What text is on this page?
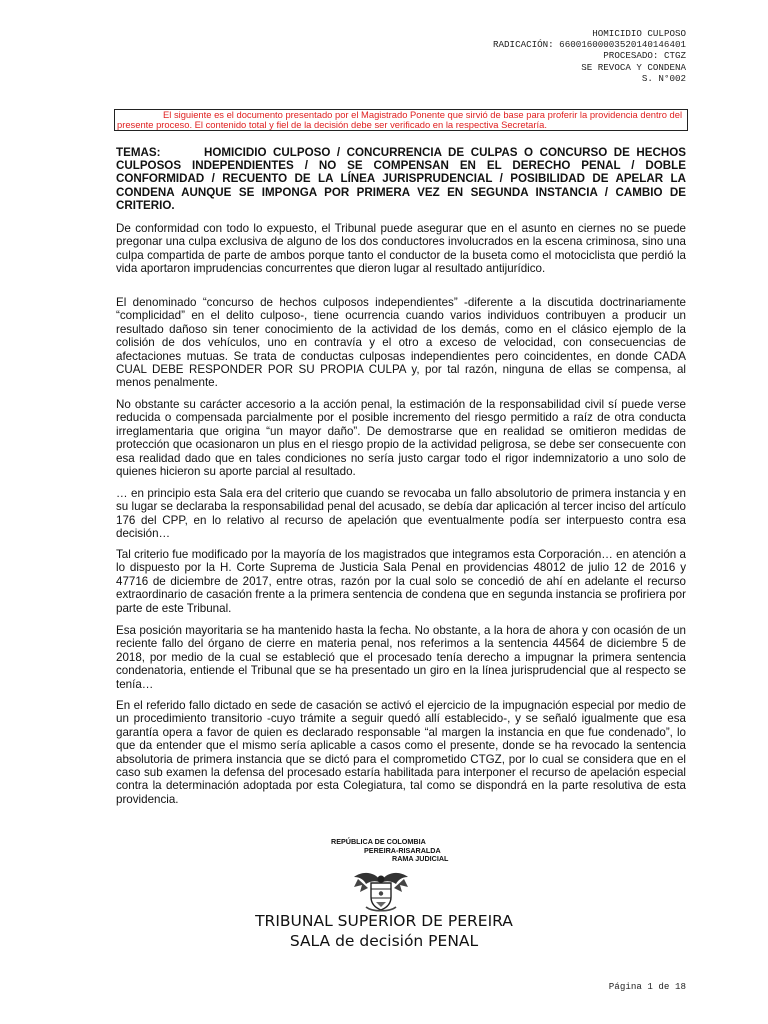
HOMICIDIO CULPOSO
RADICACIÓN: 66001600003520140146401
PROCESADO: CTGZ
SE REVOCA Y CONDENA
S. N°002
El siguiente es el documento presentado por el Magistrado Ponente que sirvió de base para proferir la providencia dentro del presente proceso. El contenido total y fiel de la decisión debe ser verificado en la respectiva Secretaría.
TEMAS:	HOMICIDIO CULPOSO / CONCURRENCIA DE CULPAS O CONCURSO DE HECHOS CULPOSOS INDEPENDIENTES / NO SE COMPENSAN EN EL DERECHO PENAL / DOBLE CONFORMIDAD / RECUENTO DE LA LÍNEA JURISPRUDENCIAL / POSIBILIDAD DE APELAR LA CONDENA AUNQUE SE IMPONGA POR PRIMERA VEZ EN SEGUNDA INSTANCIA / CAMBIO DE CRITERIO.

De conformidad con todo lo expuesto, el Tribunal puede asegurar que en el asunto en ciernes no se puede pregonar una culpa exclusiva de alguno de los dos conductores involucrados en la escena criminosa, sino una culpa compartida de parte de ambos porque tanto el conductor de la buseta como el motociclista que perdió la vida aportaron imprudencias concurrentes que dieron lugar al resultado antijurídico.

El denominado “concurso de hechos culposos independientes” -diferente a la discutida doctrinariamente “complicidad” en el delito culposo-, tiene ocurrencia cuando varios individuos contribuyen a producir un resultado dañoso sin tener conocimiento de la actividad de los demás, como en el clásico ejemplo de la colisión de dos vehículos, uno en contravía y el otro a exceso de velocidad, con consecuencias de afectaciones mutuas. Se trata de conductas culposas independientes pero coincidentes, en donde CADA CUAL DEBE RESPONDER POR SU PROPIA CULPA y, por tal razón, ninguna de ellas se compensa, al menos penalmente.

No obstante su carácter accesorio a la acción penal, la estimación de la responsabilidad civil sí puede verse reducida o compensada parcialmente por el posible incremento del riesgo permitido a raíz de otra conducta irreglamentaria que origina “un mayor daño”. De demostrarse que en realidad se omitieron medidas de protección que ocasionaron un plus en el riesgo propio de la actividad peligrosa, se debe ser consecuente con esa realidad dado que en tales condiciones no sería justo cargar todo el rigor indemnizatorio a uno solo de quienes hicieron su aporte parcial al resultado.

… en principio esta Sala era del criterio que cuando se revocaba un fallo absolutorio de primera instancia y en su lugar se declaraba la responsabilidad penal del acusado, se debía dar aplicación al tercer inciso del artículo 176 del CPP, en lo relativo al recurso de apelación que eventualmente podía ser interpuesto contra esa decisión…

Tal criterio fue modificado por la mayoría de los magistrados que integramos esta Corporación… en atención a lo dispuesto por la H. Corte Suprema de Justicia Sala Penal en providencias 48012 de julio 12 de 2016 y 47716 de diciembre de 2017, entre otras, razón por la cual solo se concedió de ahí en adelante el recurso extraordinario de casación frente a la primera sentencia de condena que en segunda instancia se profiriera por parte de este Tribunal.

Esa posición mayoritaria se ha mantenido hasta la fecha. No obstante, a la hora de ahora y con ocasión de un reciente fallo del órgano de cierre en materia penal, nos referimos a la sentencia 44564 de diciembre 5 de 2018, por medio de la cual se estableció que el procesado tenía derecho a impugnar la primera sentencia condenatoria, entiende el Tribunal que se ha presentado un giro en la línea jurisprudencial que al respecto se tenía…

En el referido fallo dictado en sede de casación se activó el ejercicio de la impugnación especial por medio de un procedimiento transitorio -cuyo trámite a seguir quedó allí establecido-, y se señaló igualmente que esa garantía opera a favor de quien es declarado responsable “al margen la instancia en que fue condenado”, lo que da entender que el mismo sería aplicable a casos como el presente, donde se ha revocado la sentencia absolutoria de primera instancia que se dictó para el comprometido CTGZ, por lo cual se considera que en el caso sub examen la defensa del procesado estaría habilitada para interponer el recurso de apelación especial contra la determinación adoptada por esta Colegiatura, tal como se dispondrá en la parte resolutiva de esta providencia.

REPÚBLICA DE COLOMBIA
PEREIRA-RISARALDA
RAMA JUDICIAL
TRIBUNAL SUPERIOR DE PEREIRA
SALA de decisión PENAL
Página 1 de 18
